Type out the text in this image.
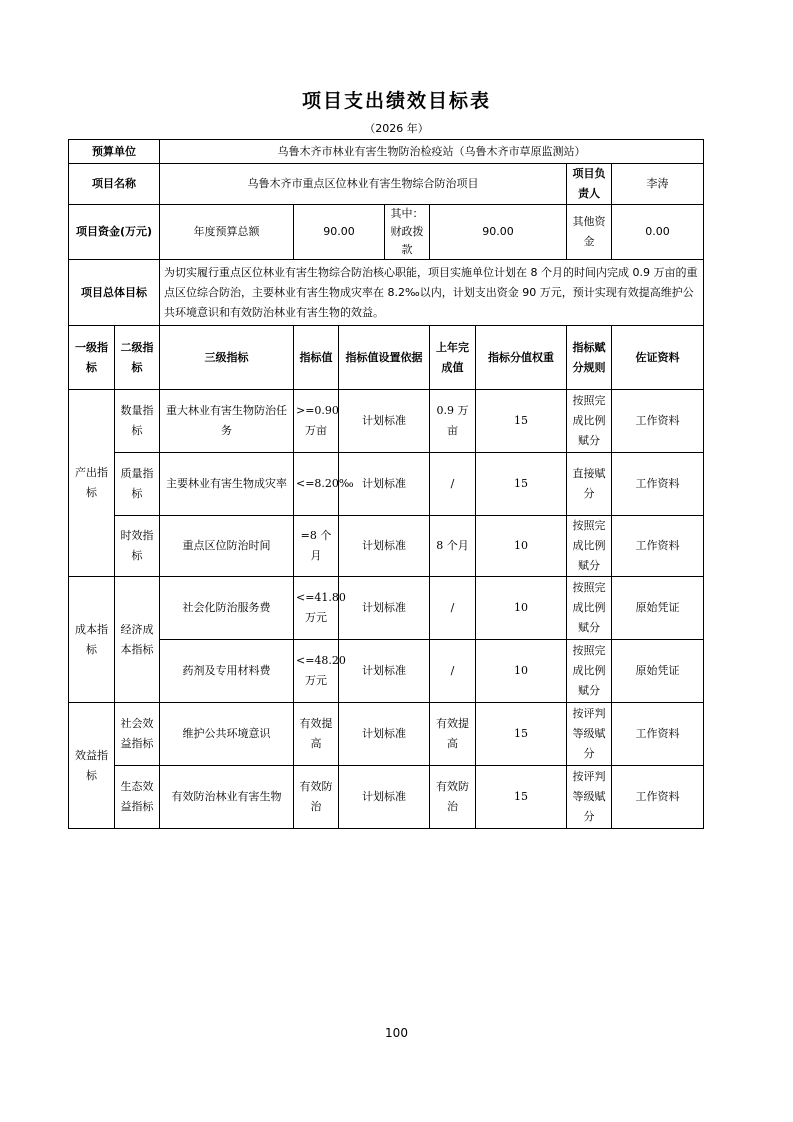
项目支出绩效目标表
（2026 年）
预算单位		乌鲁木齐市林业有害生物防治检疫站（乌鲁木齐市草原监测站）							
项目名称		乌鲁木齐市重点区位林业有害生物综合防治项目						项目负责人	李涛
项目资金(万元)		年度预算总额	90.00		其中：财政拨款	90.00		其他资金	0.00
项目总体目标		为切实履行重点区位林业有害生物综合防治核心职能，项目实施单位计划在 8 个月的时间内完成 0.9 万亩的重点区位综合防治，主要林业有害生物成灾率在 8.2‰以内，计划支出资金 90 万元，预计实现有效提高维护公共环境意识和有效防治林业有害生物的效益。							
一级指标	二级指标	三级指标	指标值	指标值设置依据		上年完成值	指标分值权重	指标赋分规则	佐证资料
产出指标	数量指标	重大林业有害生物防治任务	>=0.90万亩	计划标准		0.9 万亩	15	按照完成比例赋分	工作资料
	质量指标	主要林业有害生物成灾率	<=8.20‰	计划标准		/	15	直接赋分	工作资料
	时效指标	重点区位防治时间	=8 个月	计划标准		8 个月	10	按照完成比例赋分	工作资料
成本指标	经济成本指标	社会化防治服务费	<=41.80万元	计划标准		/	10	按照完成比例赋分	原始凭证
		药剂及专用材料费	<=48.20万元	计划标准		/	10	按照完成比例赋分	原始凭证
效益指标	社会效益指标	维护公共环境意识	有效提高	计划标准		有效提高	15	按评判等级赋分	工作资料
	生态效益指标	有效防治林业有害生物	有效防治	计划标准		有效防治	15	按评判等级赋分	工作资料
100
